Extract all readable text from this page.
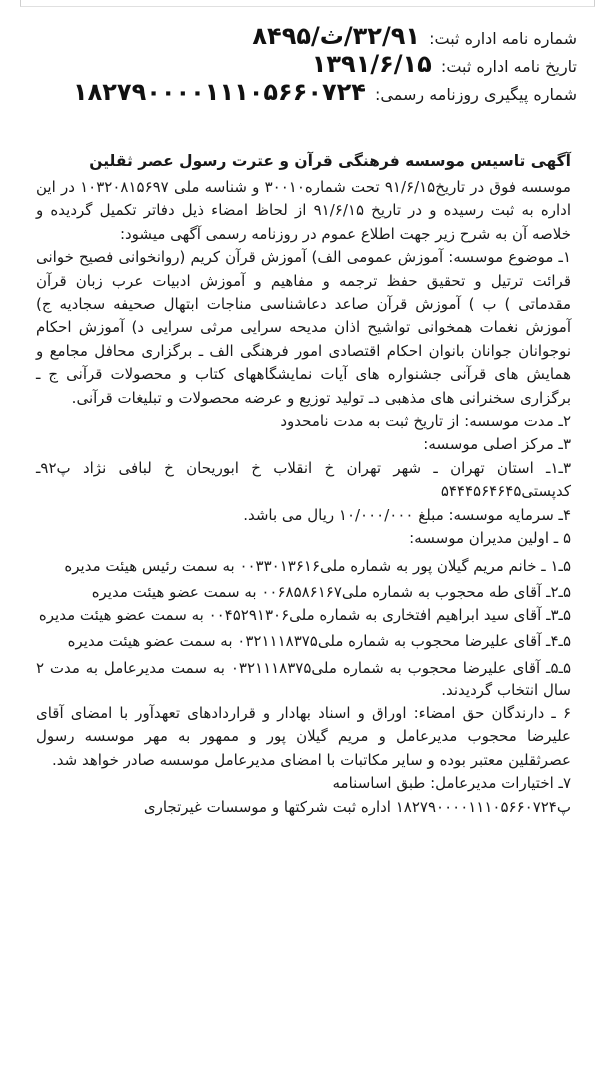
شماره نامه اداره ثبت: ۳۲/۹۱/ث/۸۴۹۵
تاریخ نامه اداره ثبت: ۱۳۹۱/۶/۱۵
شماره پیگیری روزنامه رسمی: ۱۸۲۷۹۰۰۰۰۱۱۱۰۵۶۶۰۷۲۴
آگهی تاسیس موسسه فرهنگی قرآن و عترت رسول عصر ثقلین

موسسه فوق در تاریخ۹۱/۶/۱۵ تحت شماره۳۰۰۱۰ و شناسه ملی ۱۰۳۲۰۸۱۵۶۹۷ در این اداره به ثبت رسیده و در تاریخ ۹۱/۶/۱۵ از لحاظ امضاء ذیل دفاتر تکمیل گردیده و خلاصه آن به شرح زیر جهت اطلاع عموم در روزنامه رسمی آگهی میشود:

۱ـ موضوع موسسه: آموزش عمومی الف) آموزش قرآن کریم (روانخوانی فصیح خوانی قرائت ترتیل و تحقیق حفظ ترجمه و مفاهیم و آموزش ادبیات عرب زبان قرآن مقدماتی ) ب ) آموزش قرآن صاعد دعاشناسی مناجات ابتهال صحیفه سجادیه ج) آموزش نغمات همخوانی تواشیح اذان مدیحه سرایی مرثی سرایی د) آموزش احکام نوجوانان جوانان بانوان احکام اقتصادی امور فرهنگی الف ـ برگزاری محافل مجامع و همایش های قرآنی جشنواره های آیات نمایشگاههای کتاب و محصولات قرآنی ج ـ برگزاری سخنرانی های مذهبی دـ تولید توزیع و عرضه محصولات و تبلیغات قرآنی.

۲ـ مدت موسسه: از تاریخ ثبت به مدت نامحدود

۳ـ مرکز اصلی موسسه:

۳ـ۱ـ استان تهران ـ شهر تهران خ انقلاب خ ابوریحان خ لبافی نژاد پ۹۲ـ کدپستی۵۴۴۴۵۶۴۶۴۵

۴ـ سرمایه موسسه: مبلغ ۱۰/۰۰۰/۰۰۰ ریال می باشد.

۵ ـ اولین مدیران موسسه:

۵ـ۱ ـ خانم مریم گیلان پور به شماره ملی۰۰۳۳۰۱۳۶۱۶ به سمت رئیس هیئت مدیره

۵ـ۲ـ آقای طه محجوب به شماره ملی۰۰۶۸۵۸۶۱۶۷ به سمت عضو هیئت مدیره

۵ـ۳ـ آقای سید ابراهیم افتخاری به شماره ملی۰۰۴۵۲۹۱۳۰۶ به سمت عضو هیئت مدیره

۵ـ۴ـ آقای علیرضا محجوب به شماره ملی۰۳۲۱۱۱۸۳۷۵ به سمت عضو هیئت مدیره

۵ـ۵ـ آقای علیرضا محجوب به شماره ملی۰۳۲۱۱۱۸۳۷۵ به سمت مدیرعامل به مدت ۲ سال انتخاب گردیدند.

۶ ـ دارندگان حق امضاء: اوراق و اسناد بهادار و قراردادهای تعهدآور با امضای آقای علیرضا محجوب مدیرعامل و مریم گیلان پور و ممهور به مهر موسسه رسول عصرثقلین معتبر بوده و سایر مکاتبات با امضای مدیرعامل موسسه صادر خواهد شد.

۷ـ اختیارات مدیرعامل: طبق اساسنامه

پ۱۸۲۷۹۰۰۰۰۱۱۱۰۵۶۶۰۷۲۴ اداره ثبت شرکتها و موسسات غیرتجاری
